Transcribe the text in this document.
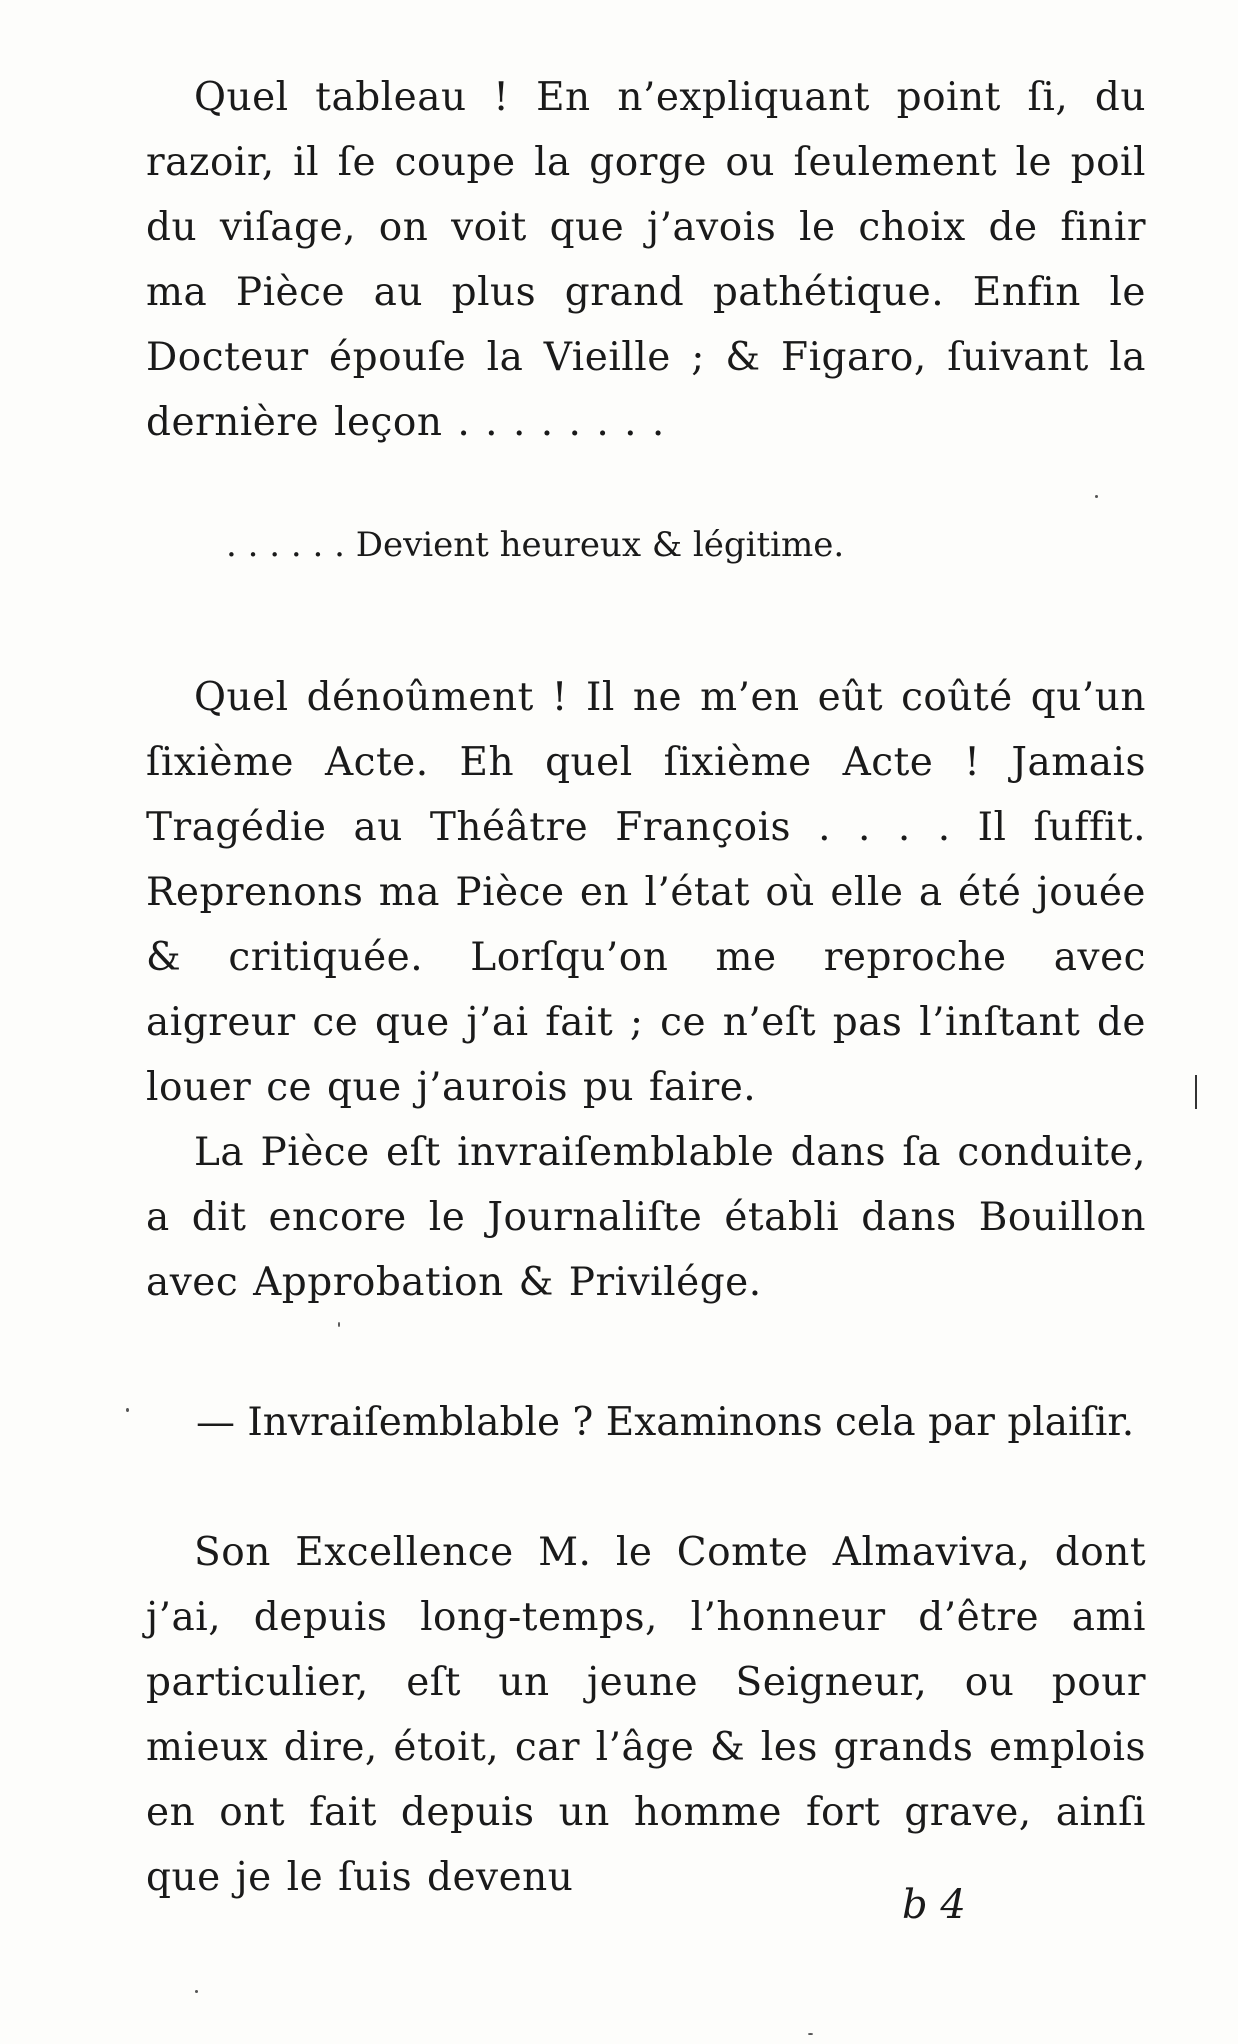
Quel tableau ! En n’expliquant point ſi, du razoir, il ſe coupe la gorge ou ſeulement le poil du viſage, on voit que j’avois le choix de finir ma Pièce au plus grand pathétique. Enfin le Docteur épouſe la Vieille ; & Figaro, ſuivant la dernière leçon . . . . . . . .

. . . . . . Devient heureux & légitime.

Quel dénoûment ! Il ne m’en eût coûté qu’un ſixième Acte. Eh quel ſixième Acte ! Jamais Tragédie au Théâtre François . . . . Il ſuffit. Reprenons ma Pièce en l’état où elle a été jouée & critiquée. Lorſqu’on me reproche avec aigreur ce que j’ai fait ; ce n’eſt pas l’inſtant de louer ce que j’aurois pu faire.

La Pièce eſt invraiſemblable dans ſa conduite, a dit encore le Journaliſte établi dans Bouillon avec Approbation & Privilége.

— Invraiſemblable ? Examinons cela par plaiſir.

Son Excellence M. le Comte Almaviva, dont j’ai, depuis long-temps, l’honneur d’être ami particulier, eſt un jeune Seigneur, ou pour mieux dire, étoit, car l’âge & les grands emplois en ont fait depuis un homme fort grave, ainſi que je le ſuis devenu

b 4
